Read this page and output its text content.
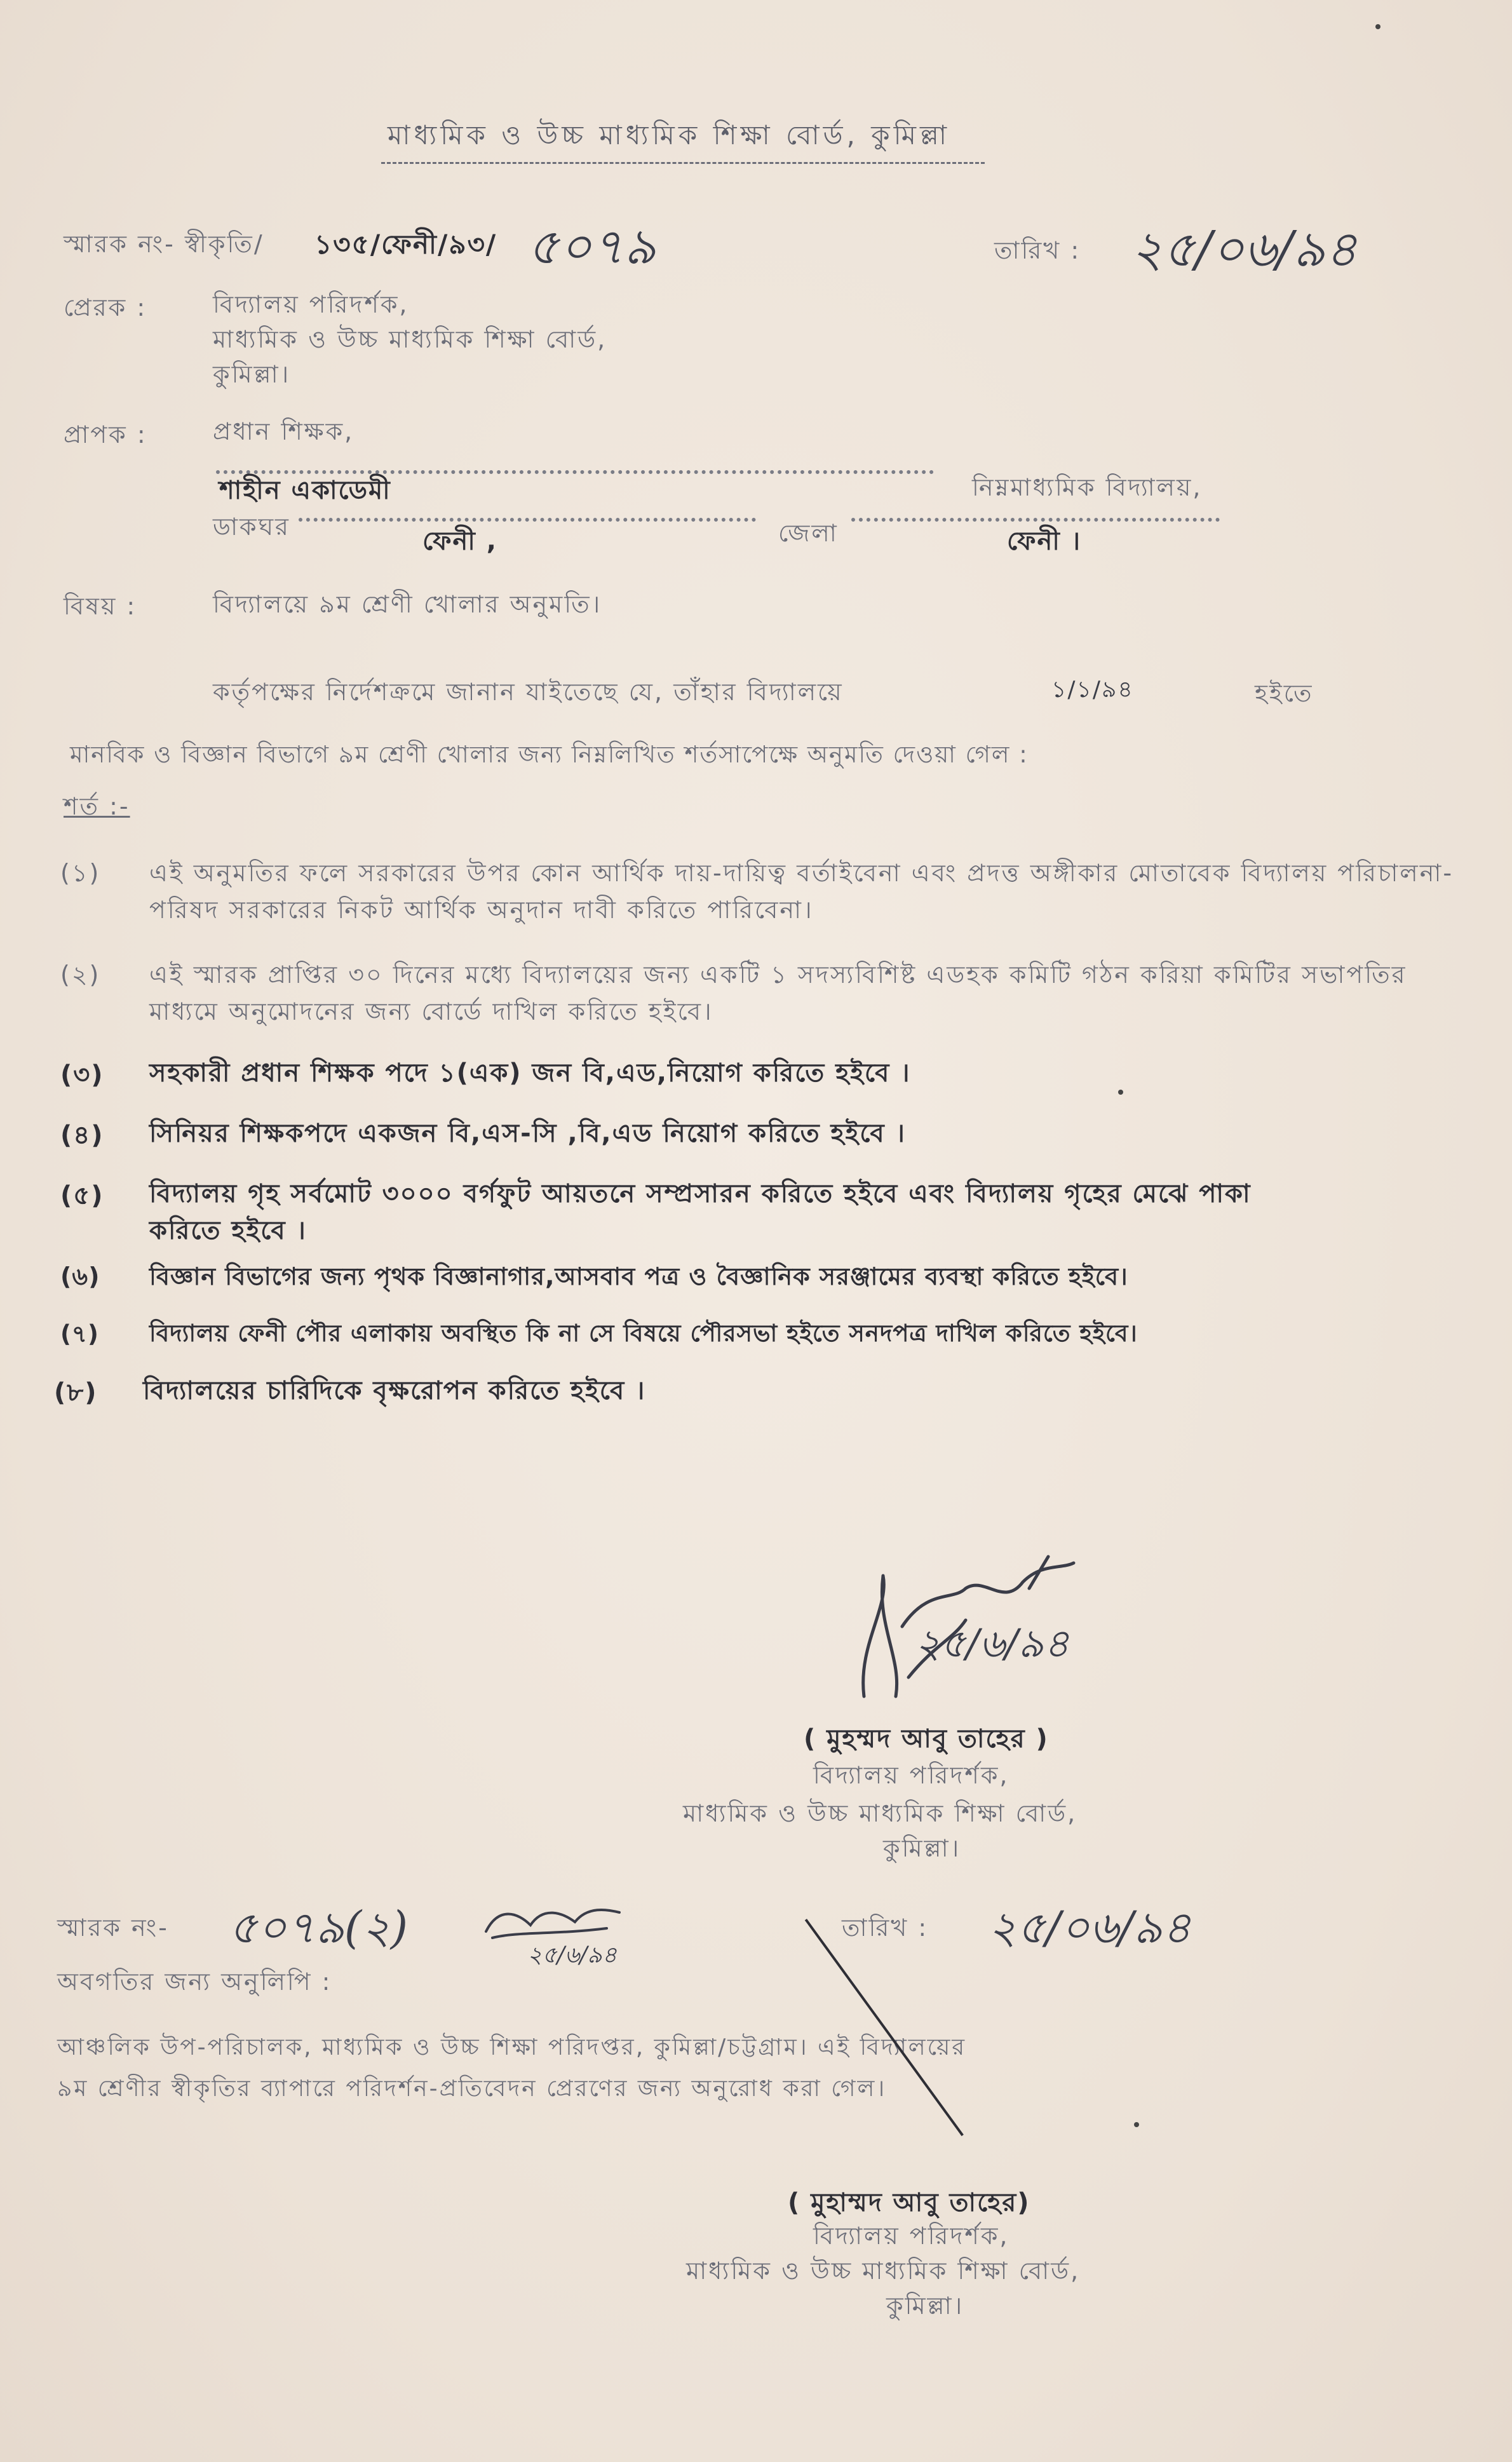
মাধ্যমিক ও উচ্চ মাধ্যমিক শিক্ষা বোর্ড, কুমিল্লা
স্মারক নং- স্বীকৃতি/ ১৩৫/ফেনী/৯৩/ ৫০৭৯	তারিখ : ২৫/০৬/৯৪
প্রেরক :	বিদ্যালয় পরিদর্শক,
মাধ্যমিক ও উচ্চ মাধ্যমিক শিক্ষা বোর্ড,
কুমিল্লা।
প্রাপক :	প্রধান শিক্ষক,
শাহীন একাডেমী	নিম্নমাধ্যমিক বিদ্যালয়,
ডাকঘর	ফেনী ,	জেলা	ফেনী ।
বিষয় :	বিদ্যালয়ে ৯ম শ্রেণী খোলার অনুমতি।
কর্তৃপক্ষের নির্দেশক্রমে জানান যাইতেছে যে, তাঁহার বিদ্যালয়ে	১/১/৯৪	হইতে
মানবিক ও বিজ্ঞান বিভাগে ৯ম শ্রেণী খোলার জন্য নিম্নলিখিত শর্তসাপেক্ষে অনুমতি দেওয়া গেল :
শর্ত :-
(১)	এই অনুমতির ফলে সরকারের উপর কোন আর্থিক দায়-দায়িত্ব বর্তাইবেনা এবং প্রদত্ত অঙ্গীকার মোতাবেক বিদ্যালয় পরিচালনা-পরিষদ সরকারের নিকট আর্থিক অনুদান দাবী করিতে পারিবেনা।
(২)	এই স্মারক প্রাপ্তির ৩০ দিনের মধ্যে বিদ্যালয়ের জন্য একটি ১ সদস্যবিশিষ্ট এডহক কমিটি গঠন করিয়া কমিটির সভাপতির মাধ্যমে অনুমোদনের জন্য বোর্ডে দাখিল করিতে হইবে।
(৩)	সহকারী প্রধান শিক্ষক পদে ১(এক) জন বি,এড,নিয়োগ করিতে হইবে ।
(৪)	সিনিয়র শিক্ষকপদে একজন বি,এস-সি ,বি,এড নিয়োগ করিতে হইবে ।
(৫)	বিদ্যালয় গৃহ সর্বমোট ৩০০০ বর্গফুট আয়তনে সম্প্রসারন করিতে হইবে এবং বিদ্যালয় গৃহের মেঝে পাকা করিতে হইবে ।
(৬)	বিজ্ঞান বিভাগের জন্য পৃথক বিজ্ঞানাগার,আসবাব পত্র ও বৈজ্ঞানিক সরঞ্জামের ব্যবস্থা করিতে হইবে।
(৭)	বিদ্যালয় ফেনী পৌর এলাকায় অবস্থিত কি না সে বিষয়ে পৌরসভা হইতে সনদপত্র দাখিল করিতে হইবে।
(৮)	বিদ্যালয়ের চারিদিকে বৃক্ষরোপন করিতে হইবে ।
২৫/৬/৯৪
( মুহম্মদ আবু তাহের )
বিদ্যালয় পরিদর্শক,
মাধ্যমিক ও উচ্চ মাধ্যমিক শিক্ষা বোর্ড,
কুমিল্লা।
স্মারক নং- ৫০৭৯(২)
২৫/৬/৯৪
তারিখ : ২৫/০৬/৯৪
অবগতির জন্য অনুলিপি :
আঞ্চলিক উপ-পরিচালক, মাধ্যমিক ও উচ্চ শিক্ষা পরিদপ্তর, কুমিল্লা/চট্টগ্রাম। এই বিদ্যালয়ের
৯ম শ্রেণীর স্বীকৃতির ব্যাপারে পরিদর্শন-প্রতিবেদন প্রেরণের জন্য অনুরোধ করা গেল।
( মুহাম্মদ আবু তাহের)
বিদ্যালয় পরিদর্শক,
মাধ্যমিক ও উচ্চ মাধ্যমিক শিক্ষা বোর্ড,
কুমিল্লা।
